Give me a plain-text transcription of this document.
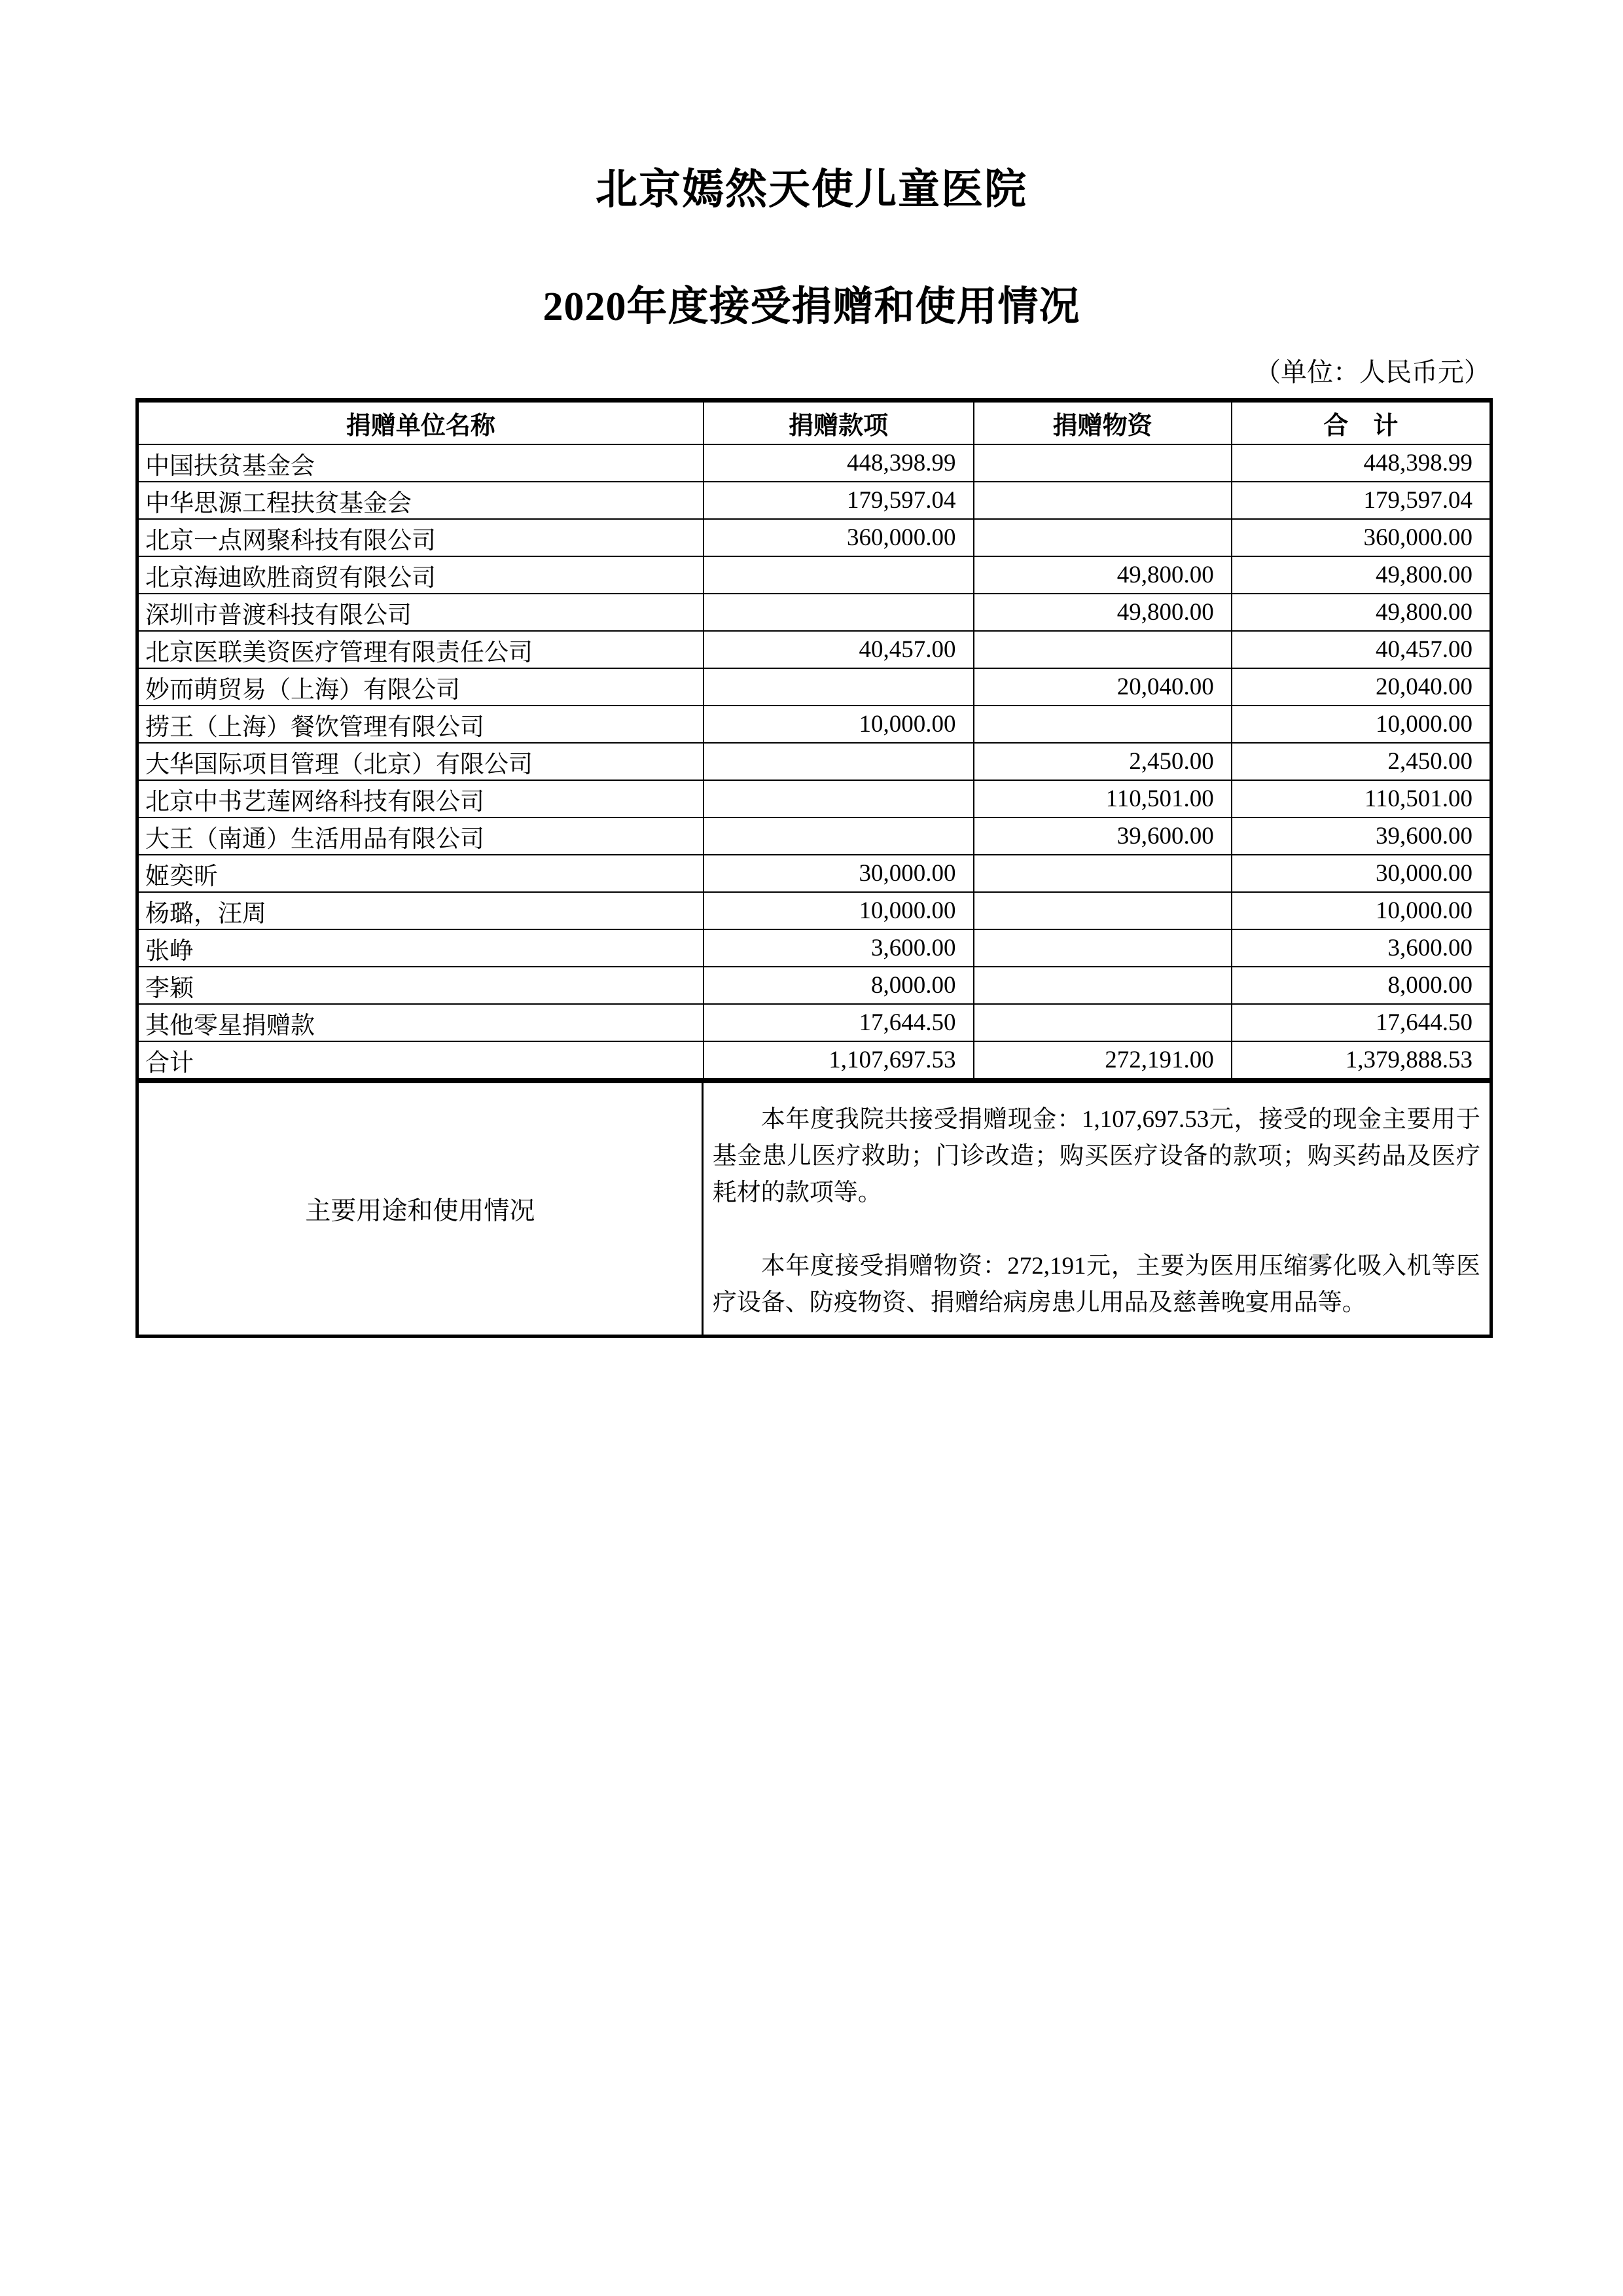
北京嫣然天使儿童医院
2020年度接受捐赠和使用情况
（单位：人民币元）
捐赠单位名称	捐赠款项	捐赠物资	合　计
中国扶贫基金会	448,398.99		448,398.99
中华思源工程扶贫基金会	179,597.04		179,597.04
北京一点网聚科技有限公司	360,000.00		360,000.00
北京海迪欧胜商贸有限公司		49,800.00	49,800.00
深圳市普渡科技有限公司		49,800.00	49,800.00
北京医联美资医疗管理有限责任公司	40,457.00		40,457.00
妙而萌贸易（上海）有限公司		20,040.00	20,040.00
捞王（上海）餐饮管理有限公司	10,000.00		10,000.00
大华国际项目管理（北京）有限公司		2,450.00	2,450.00
北京中书艺莲网络科技有限公司		110,501.00	110,501.00
大王（南通）生活用品有限公司		39,600.00	39,600.00
姬奕昕	30,000.00		30,000.00
杨璐，汪周	10,000.00		10,000.00
张峥	3,600.00		3,600.00
李颖	8,000.00		8,000.00
其他零星捐赠款	17,644.50		17,644.50
合计	1,107,697.53	272,191.00	1,379,888.53
主要用途和使用情况

本年度我院共接受捐赠现金：1,107,697.53元，接受的现金主要用于基金患儿医疗救助；门诊改造；购买医疗设备的款项；购买药品及医疗耗材的款项等。

本年度接受捐赠物资：272,191元，主要为医用压缩雾化吸入机等医疗设备、防疫物资、捐赠给病房患儿用品及慈善晚宴用品等。
